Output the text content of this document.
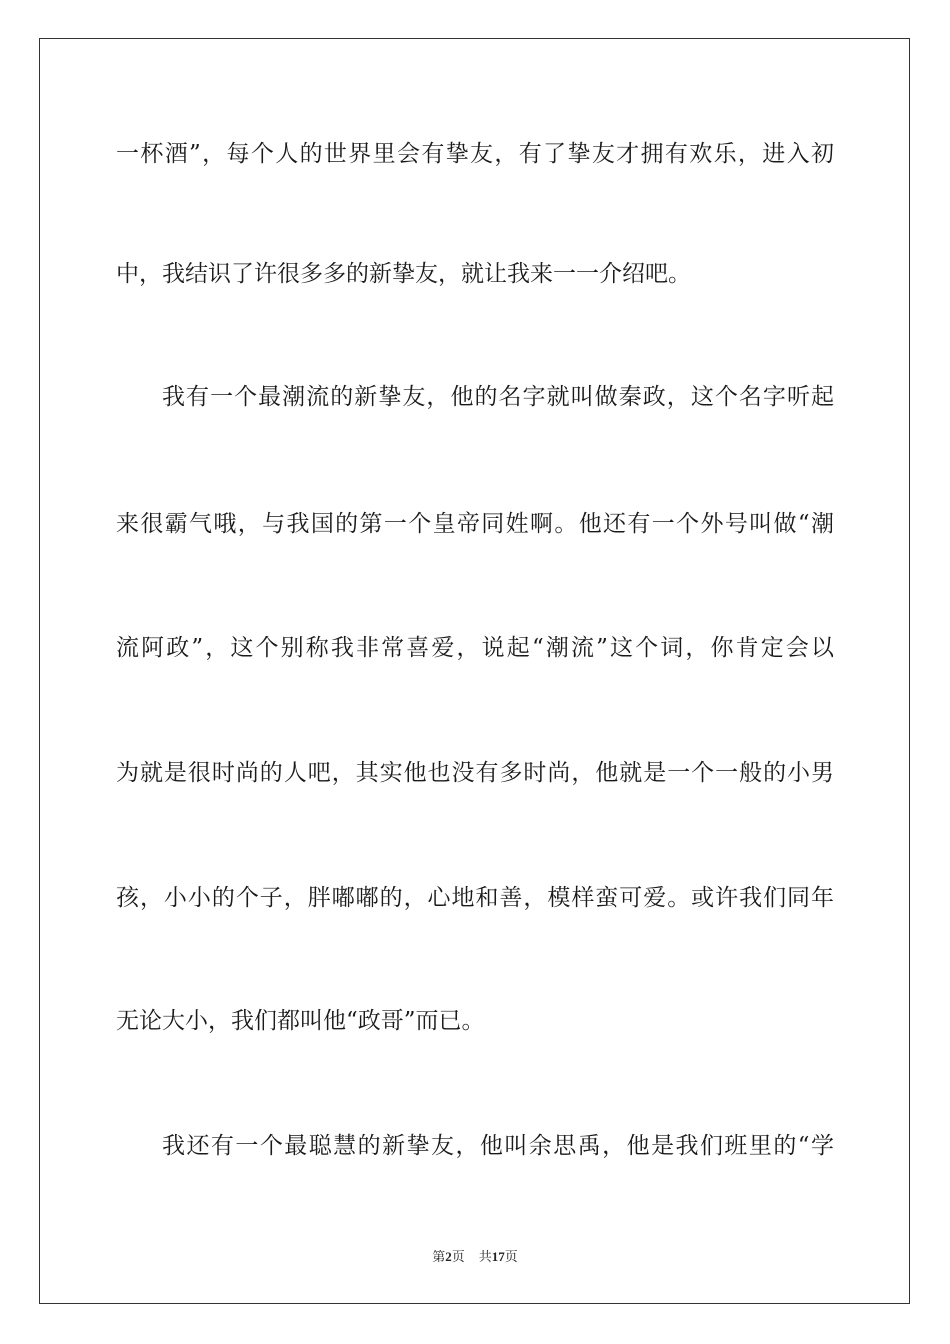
一杯酒”，每个人的世界里会有挚友，有了挚友才拥有欢乐，进入初
中，我结识了许很多多的新挚友，就让我来一一介绍吧。
我有一个最潮流的新挚友，他的名字就叫做秦政，这个名字听起
来很霸气哦，与我国的第一个皇帝同姓啊。他还有一个外号叫做“潮
流阿政”，这个别称我非常喜爱，说起“潮流”这个词，你肯定会以
为就是很时尚的人吧，其实他也没有多时尚，他就是一个一般的小男
孩，小小的个子，胖嘟嘟的，心地和善，模样蛮可爱。或许我们同年
无论大小，我们都叫他“政哥”而已。
我还有一个最聪慧的新挚友，他叫余思禹，他是我们班里的“学
第2页 共17页
